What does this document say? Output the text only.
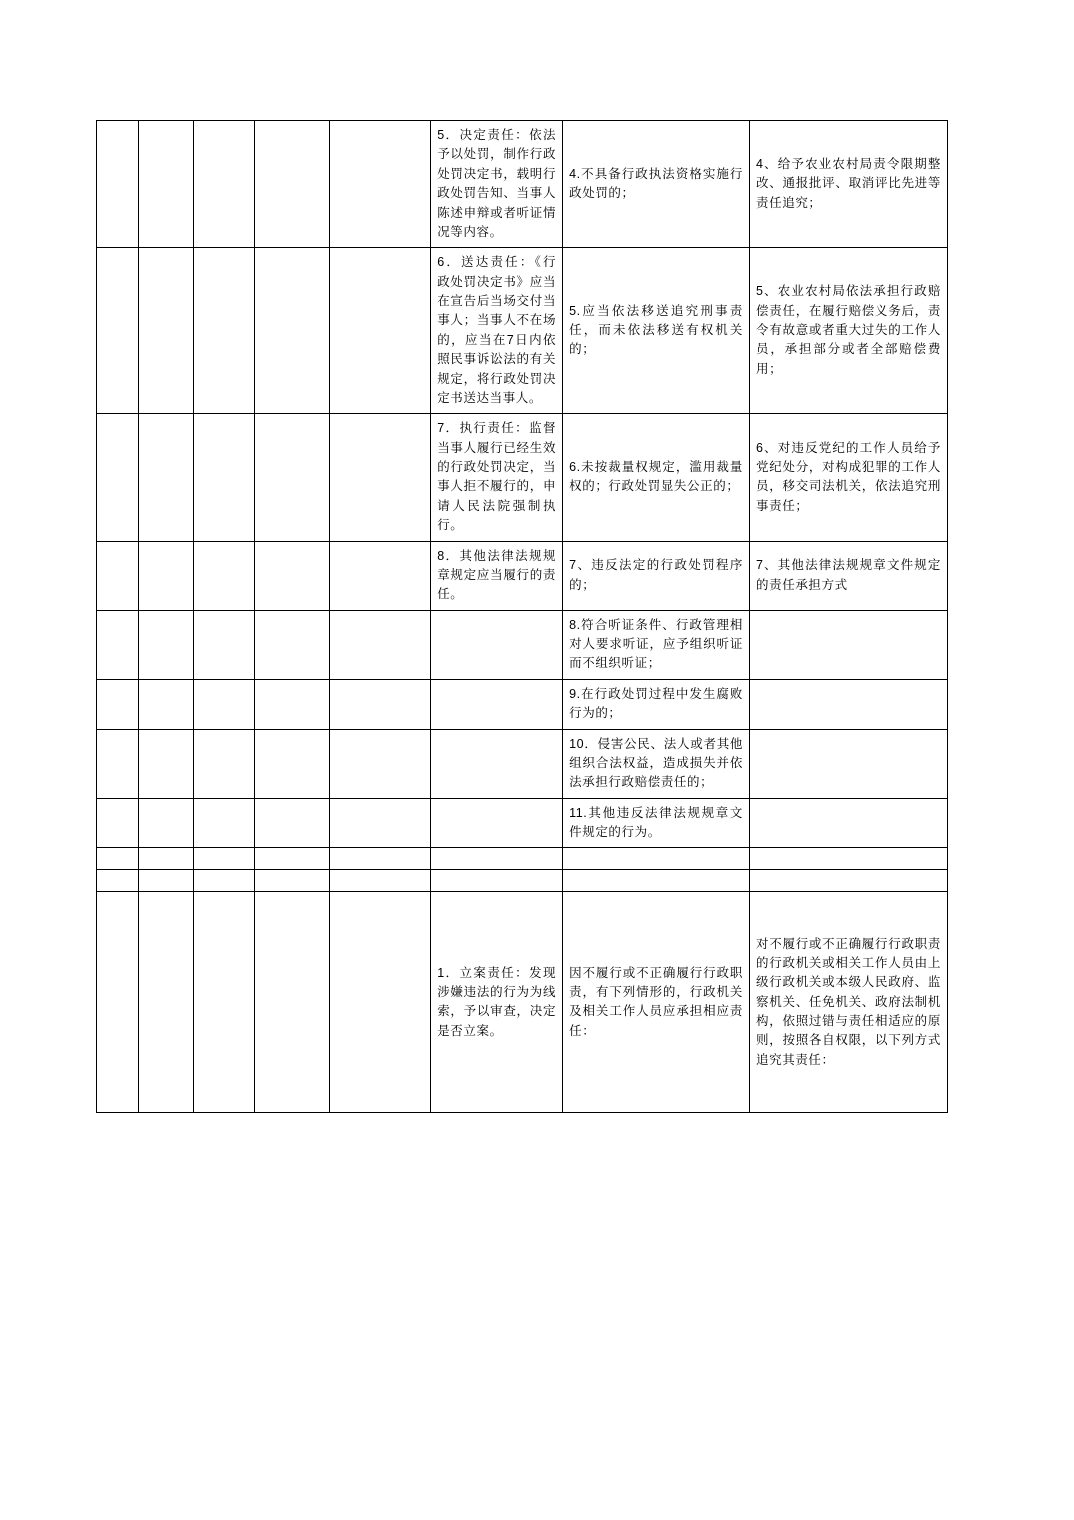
					5．决定责任：依法予以处罚，制作行政处罚决定书，载明行政处罚告知、当事人陈述申辩或者听证情况等内容。	4.不具备行政执法资格实施行政处罚的；	4、给予农业农村局责令限期整改、通报批评、取消评比先进等责任追究；
					6．送达责任：《行政处罚决定书》应当在宣告后当场交付当事人；当事人不在场的，应当在7日内依照民事诉讼法的有关规定，将行政处罚决定书送达当事人。	5.应当依法移送追究刑事责任，而未依法移送有权机关的；	5、农业农村局依法承担行政赔偿责任，在履行赔偿义务后，责令有故意或者重大过失的工作人员，承担部分或者全部赔偿费用；
					7．执行责任：监督当事人履行已经生效的行政处罚决定，当事人拒不履行的，申请人民法院强制执行。	6.未按裁量权规定，滥用裁量权的；行政处罚显失公正的；	6、对违反党纪的工作人员给予党纪处分，对构成犯罪的工作人员，移交司法机关，依法追究刑事责任；
					8．其他法律法规规章规定应当履行的责任。	7、违反法定的行政处罚程序的；	7、其他法律法规规章文件规定的责任承担方式
						8.符合听证条件、行政管理相对人要求听证，应予组织听证而不组织听证；	
						9.在行政处罚过程中发生腐败行为的；	
						10．侵害公民、法人或者其他组织合法权益，造成损失并依法承担行政赔偿责任的；	
						11.其他违反法律法规规章文件规定的行为。	

					1．立案责任：发现涉嫌违法的行为为线索，予以审查，决定是否立案。	因不履行或不正确履行行政职责，有下列情形的，行政机关及相关工作人员应承担相应责任：	对不履行或不正确履行行政职责的行政机关或相关工作人员由上级行政机关或本级人民政府、监察机关、任免机关、政府法制机构，依照过错与责任相适应的原则，按照各自权限，以下列方式追究其责任：
